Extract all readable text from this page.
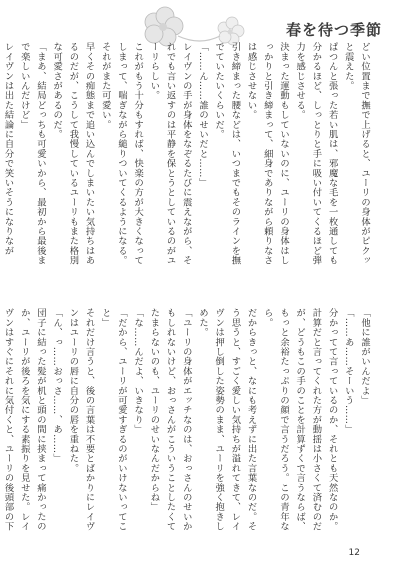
春を待つ季節

どい位置まで撫で上げると、ユーリの身体がピクッと震えた。

ぱつんと張った若い肌は、邪魔な毛を一枚通しても分かるほど、しっとりと手に吸い付いてくるほど弾力を感じさせる。

決まった運動もしていないのに、ユーリの身体はしっかりと引き締まって、細身でありながら頼りなさは感じさせない。

引き締まった腰などは、いつまでもそのラインを撫でていたいくらいだ。

「……ん……誰のせいだと……」

レイヴンの手が身体をなぞるたびに震えながら、それでも言い返すのは平静を保とうとしているのがユーリらしい。

これがもう十分もすれば、快楽の方が大きくなってしまって、喘ぎながら縋りついてくるようになる。それがまた可愛い。

早くその痴態まで追い込んでしまいたい気持ちはあるのだが、こうして我慢しているユーリもまた格別な可愛さがあるのだ。

「まあ、結局どっちも可愛いから、最初から最後まで楽しいんだけど」

レイヴンは出た結論に自分で笑いそうになりなが

「他に誰がいんだよ」

「……あ……そーいう……」

分かってて言っているのか、それとも天然なのか。計算だと言ってくれた方が動揺は小さくて済むのだが、どうもこの手のことを計算ずくで言うならば、もっと余裕たっぷりの顔で言うだろう。この青年なら。

だからきっと、なにも考えずに出た言葉なのだ。そう思うと、すごく愛しい気持ちが溢れてきて、レイヴンは押し倒した姿勢のまま、ユーリを強く抱きしめた。

「ユーリの身体がエッチなのは、おっさんのせいかもしれないけど、おっさんがこういうことしたくてたまらないのも、ユーリのせいなんだからね」

「な……んだよ、いきなり」

「だから、ユーリが可愛すぎるのがいけないってこと」

それだけ言うと、後の言葉は不要とばかりにレイヴンはユーリの唇に自分の唇を重ねた。

「ん、っ……おっさ……、あ……」

団子に結った髪が机と頭の間に挟まって痛かったのか、ユーリが後ろを気にする素振りを見せた。レイヴンはすぐにそれに気付くと、ユーリの後頭部の下

12
